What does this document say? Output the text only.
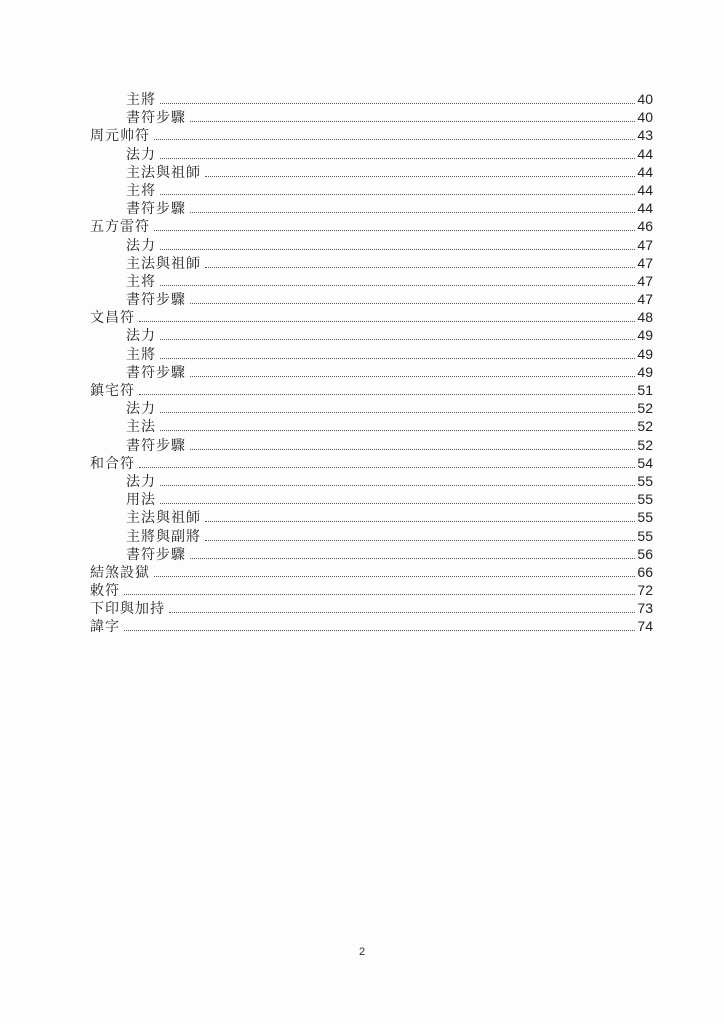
主將	40
書符步驟	40
周元帅符	43
法力	44
主法與祖師	44
主将	44
書符步驟	44
五方雷符	46
法力	47
主法與祖師	47
主将	47
書符步驟	47
文昌符	48
法力	49
主將	49
書符步驟	49
鎮宅符	51
法力	52
主法	52
書符步驟	52
和合符	54
法力	55
用法	55
主法與祖師	55
主將與副將	55
書符步驟	56
結煞設獄	66
敕符	72
下印與加持	73
諱字	74
2
